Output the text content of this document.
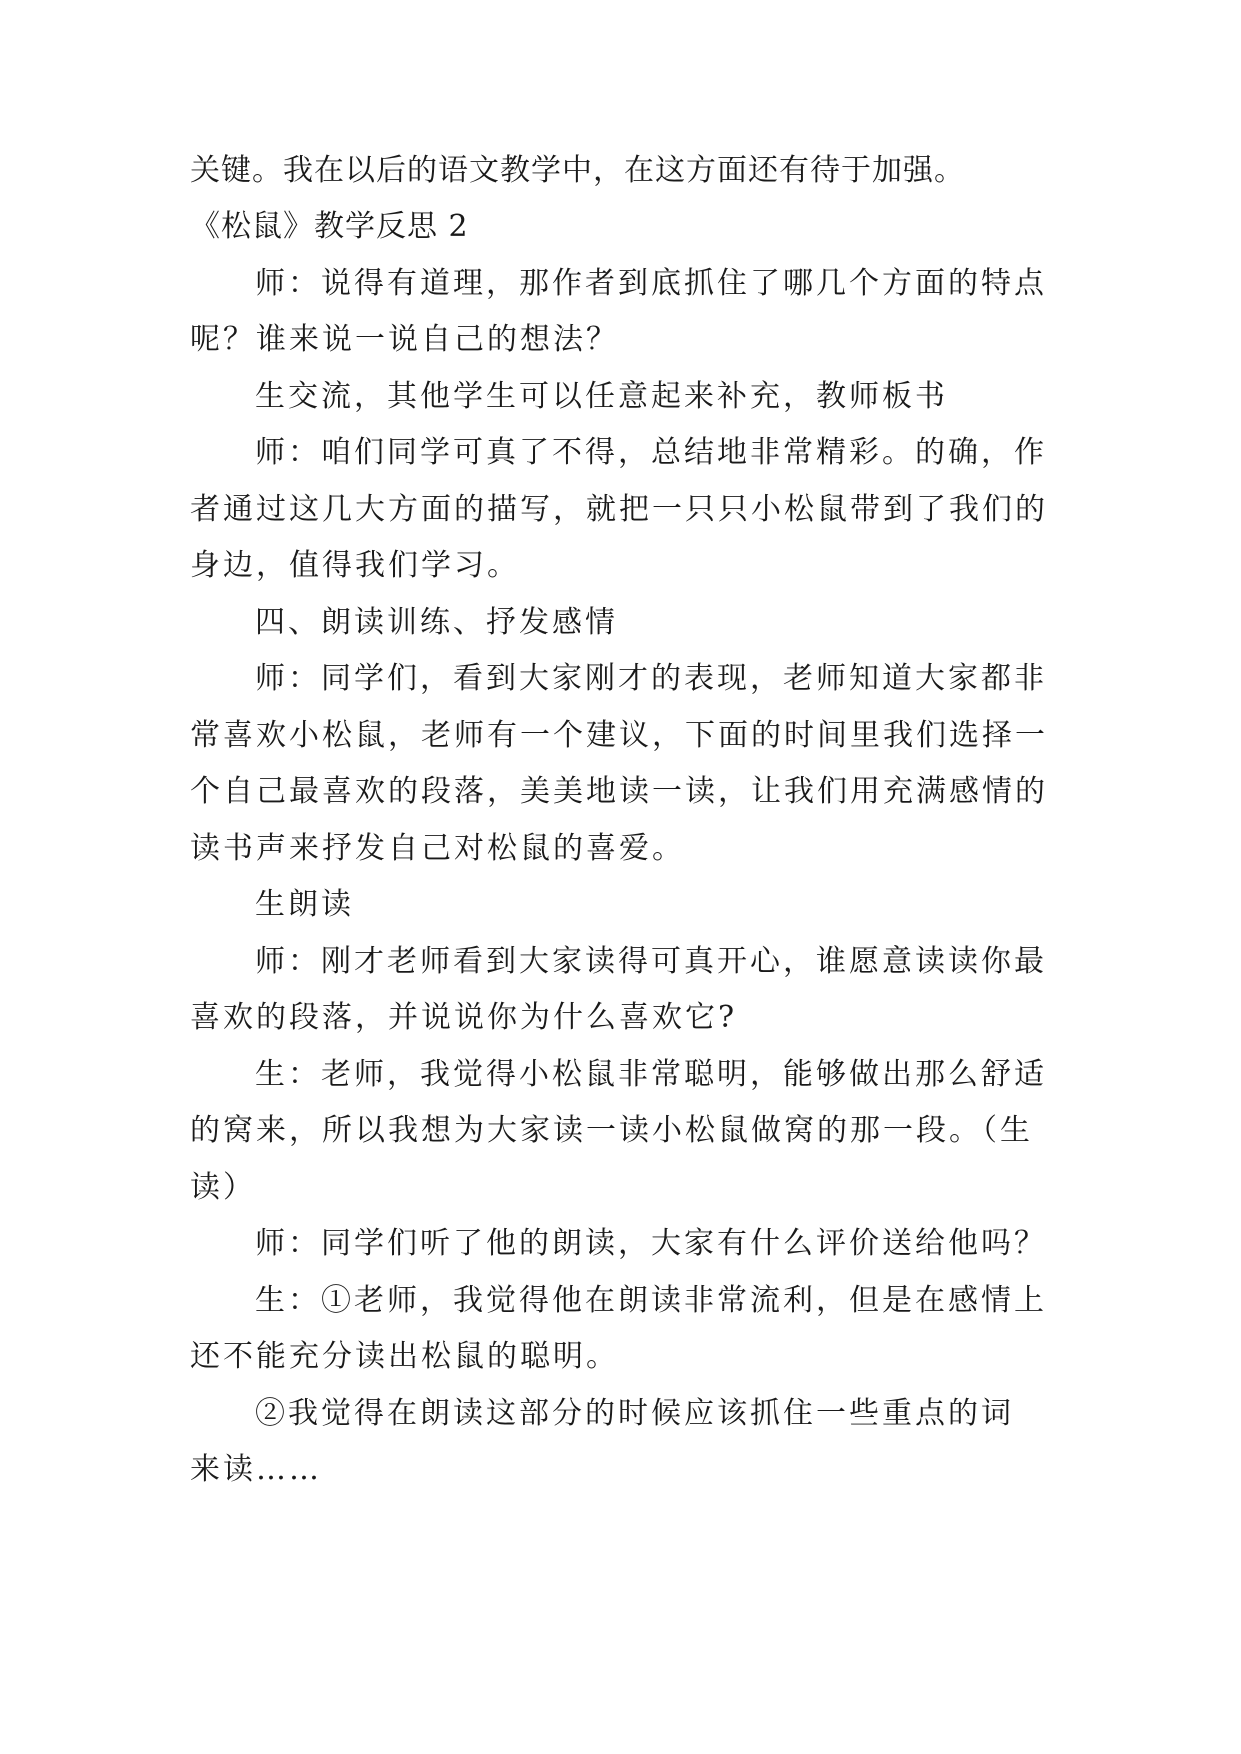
关键。我在以后的语文教学中，在这方面还有待于加强。
《松鼠》教学反思 2
师：说得有道理，那作者到底抓住了哪几个方面的特点
呢？谁来说一说自己的想法？
生交流，其他学生可以任意起来补充，教师板书
师：咱们同学可真了不得，总结地非常精彩。的确，作
者通过这几大方面的描写，就把一只只小松鼠带到了我们的
身边，值得我们学习。
四、朗读训练、抒发感情
师：同学们，看到大家刚才的表现，老师知道大家都非
常喜欢小松鼠，老师有一个建议，下面的时间里我们选择一
个自己最喜欢的段落，美美地读一读，让我们用充满感情的
读书声来抒发自己对松鼠的喜爱。
生朗读
师：刚才老师看到大家读得可真开心，谁愿意读读你最
喜欢的段落，并说说你为什么喜欢它?
生：老师，我觉得小松鼠非常聪明，能够做出那么舒适
的窝来，所以我想为大家读一读小松鼠做窝的那一段。（生
读）
师：同学们听了他的朗读，大家有什么评价送给他吗？
生：①老师，我觉得他在朗读非常流利，但是在感情上
还不能充分读出松鼠的聪明。
②我觉得在朗读这部分的时候应该抓住一些重点的词
来读……
